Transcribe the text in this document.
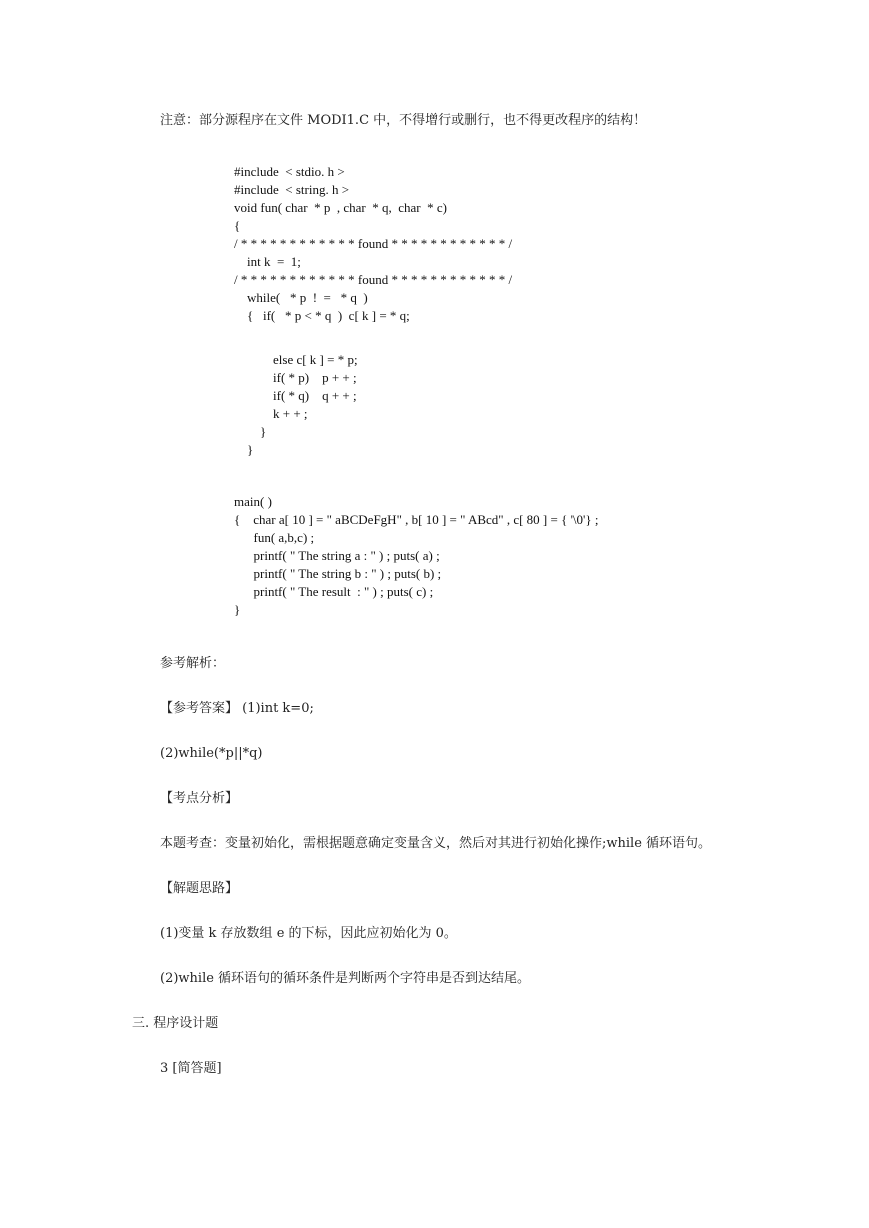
注意：部分源程序在文件 MODI1.C 中，不得增行或删行，也不得更改程序的结构！
#include  < stdio. h >
#include  < string. h >
void fun( char  * p  , char  * q,  char  * c)
{
/ * * * * * * * * * * * * found * * * * * * * * * * * * /
int k  =  1;
/ * * * * * * * * * * * * found * * * * * * * * * * * * /
while(   * p  !  =   * q  )
{   if(   * p < * q  )  c[ k ] = * q;
else c[ k ] = * p;
if( * p)    p + + ;
if( * q)    q + + ;
k + + ;
}
}
main( )
{    char a[ 10 ] = " aBCDeFgH" , b[ 10 ] = " ABcd" , c[ 80 ] = { '\0'} ;
fun( a,b,c) ;
printf( " The string a : " ) ; puts( a) ;
printf( " The string b : " ) ; puts( b) ;
printf( " The result  : " ) ; puts( c) ;
}
参考解析：
【参考答案】 (1)int k=0;
(2)while(*p||*q)
【考点分析】
本题考查：变量初始化，需根据题意确定变量含义，然后对其进行初始化操作;while 循环语句。
【解题思路】
(1)变量 k 存放数组 e 的下标，因此应初始化为 0。
(2)while 循环语句的循环条件是判断两个字符串是否到达结尾。
三. 程序设计题
3 [简答题]
